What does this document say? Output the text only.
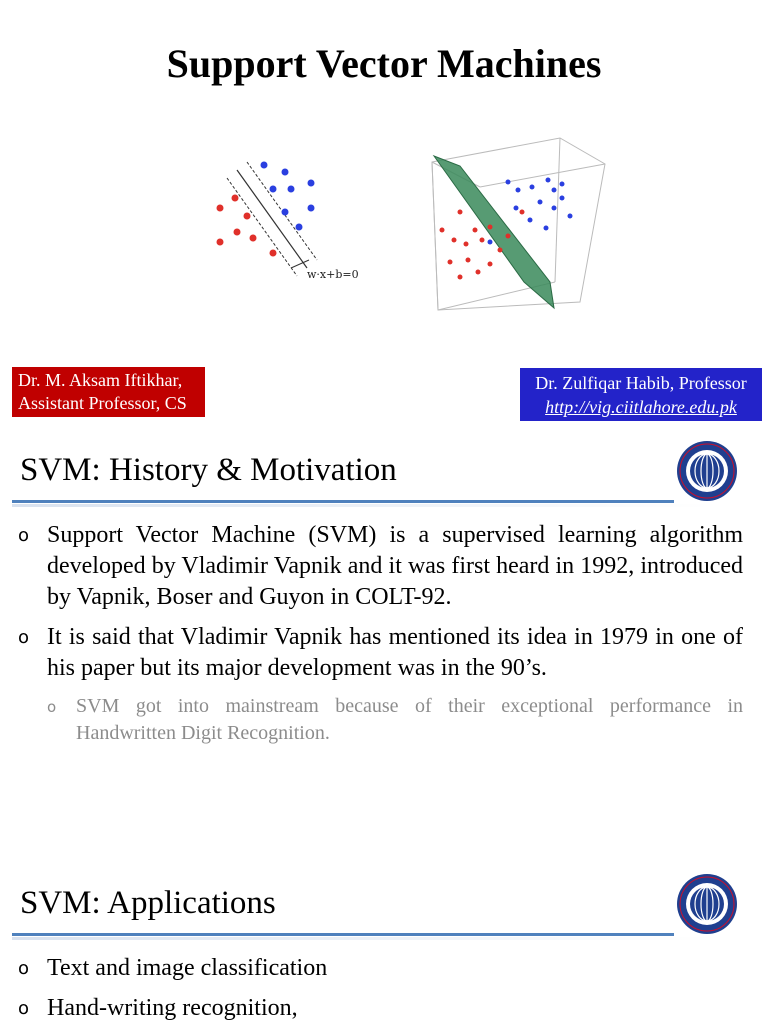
Support Vector Machines
w·x+b=0
Dr. M. Aksam Iftikhar,
Assistant Professor, CS
Dr. Zulfiqar Habib, Professor
http://vig.ciitlahore.edu.pk
SVM: History & Motivation
o Support Vector Machine (SVM) is a supervised learning algorithm developed by Vladimir Vapnik and it was first heard in 1992, introduced by Vapnik, Boser and Guyon in COLT-92.
o It is said that Vladimir Vapnik has mentioned its idea in 1979 in one of his paper but its major development was in the 90’s.
o SVM got into mainstream because of their exceptional performance in Handwritten Digit Recognition.
SVM: Applications
o Text and image classification
o Hand-writing recognition,
